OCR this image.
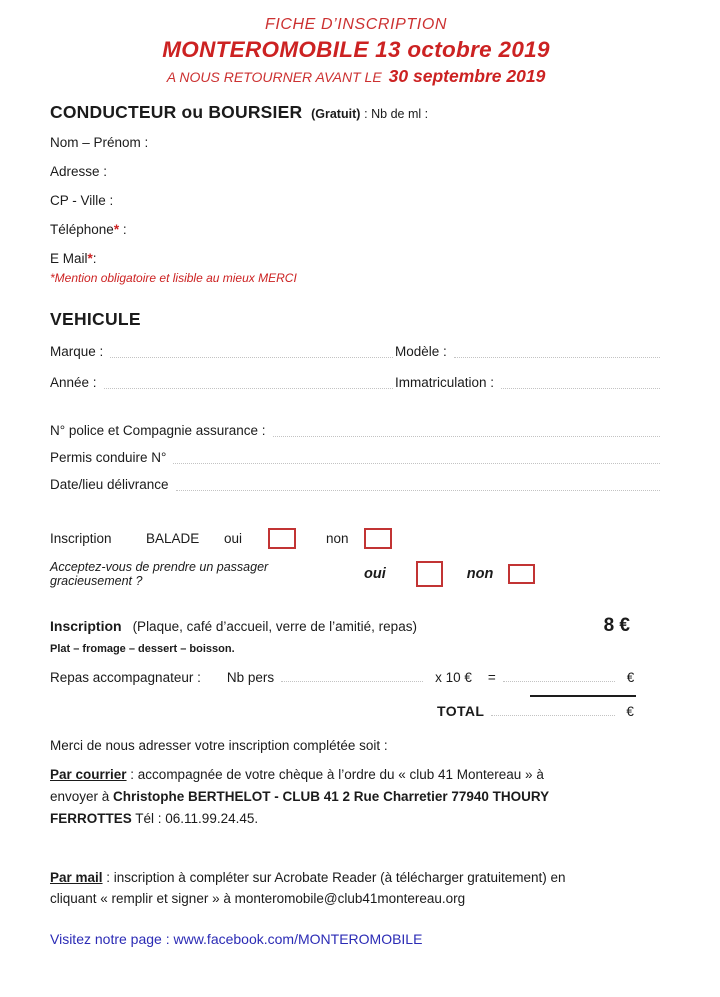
FICHE D’INSCRIPTION
MONTEROMOBILE 13 octobre 2019
A NOUS RETOURNER AVANT LE 30 septembre 2019
CONDUCTEUR ou BOURSIER (Gratuit) : Nb de ml :
Nom – Prénom :
Adresse :
CP - Ville :
Téléphone* :
E Mail*:
*Mention obligatoire et lisible au mieux MERCI
VEHICULE
Marque :	Modèle :
Année :	Immatriculation :
N° police et Compagnie assurance :
Permis conduire N°
Date/lieu délivrance
Inscription	BALADE	oui	non
Acceptez-vous de prendre un passager gracieusement ?	oui	non
Inscription (Plaque, café d’accueil, verre de l’amitié, repas)	8 €
Plat – fromage – dessert – boisson.
Repas accompagnateur : Nb pers	x 10 € =	€
TOTAL	€
Merci de nous adresser votre inscription complétée soit :
Par courrier : accompagnée de votre chèque à l’ordre du « club 41 Montereau » à envoyer à Christophe BERTHELOT - CLUB 41 2 Rue Charretier 77940 THOURY FERROTTES Tél : 06.11.99.24.45.
Par mail : inscription à compléter sur Acrobate Reader (à télécharger gratuitement) en cliquant « remplir et signer » à monteromobile@club41montereau.org
Visitez notre page : www.facebook.com/MONTEROMOBILE
